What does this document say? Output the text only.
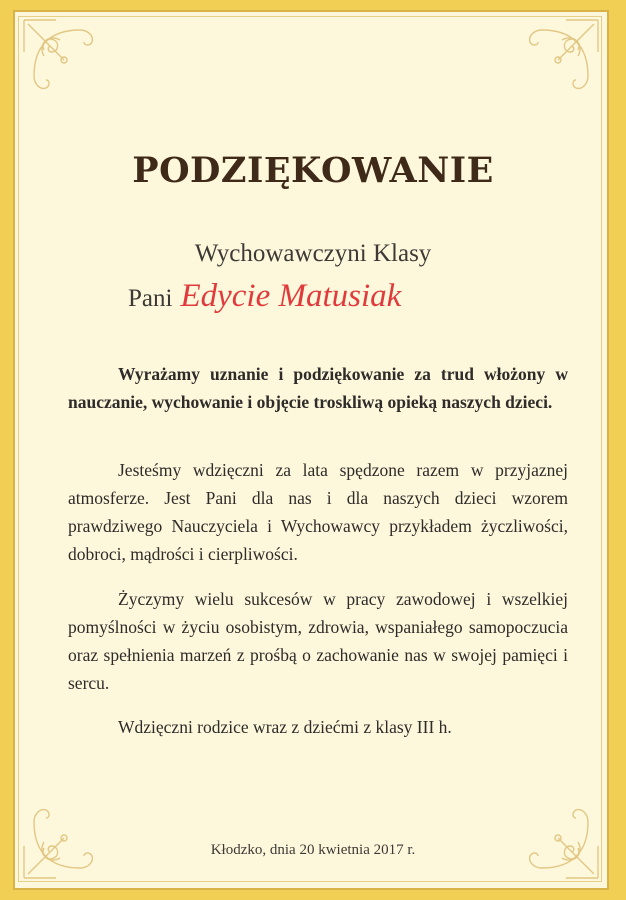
PODZIĘKOWANIE
Wychowawczyni Klasy
Pani Edycie Matusiak

Wyrażamy uznanie i podziękowanie za trud włożony w nauczanie, wychowanie i objęcie troskliwą opieką naszych dzieci.

Jesteśmy wdzięczni za lata spędzone razem w przyjaznej atmosferze. Jest Pani dla nas i dla naszych dzieci wzorem prawdziwego Nauczyciela i Wychowawcy przykładem życzliwości, dobroci, mądrości i cierpliwości.

Życzymy wielu sukcesów w pracy zawodowej i wszelkiej pomyślności w życiu osobistym, zdrowia, wspaniałego samopoczucia oraz spełnienia marzeń z prośbą o zachowanie nas w swojej pamięci i sercu.

Wdzięczni rodzice wraz z dziećmi z klasy III h.

Kłodzko, dnia 20 kwietnia 2017 r.
